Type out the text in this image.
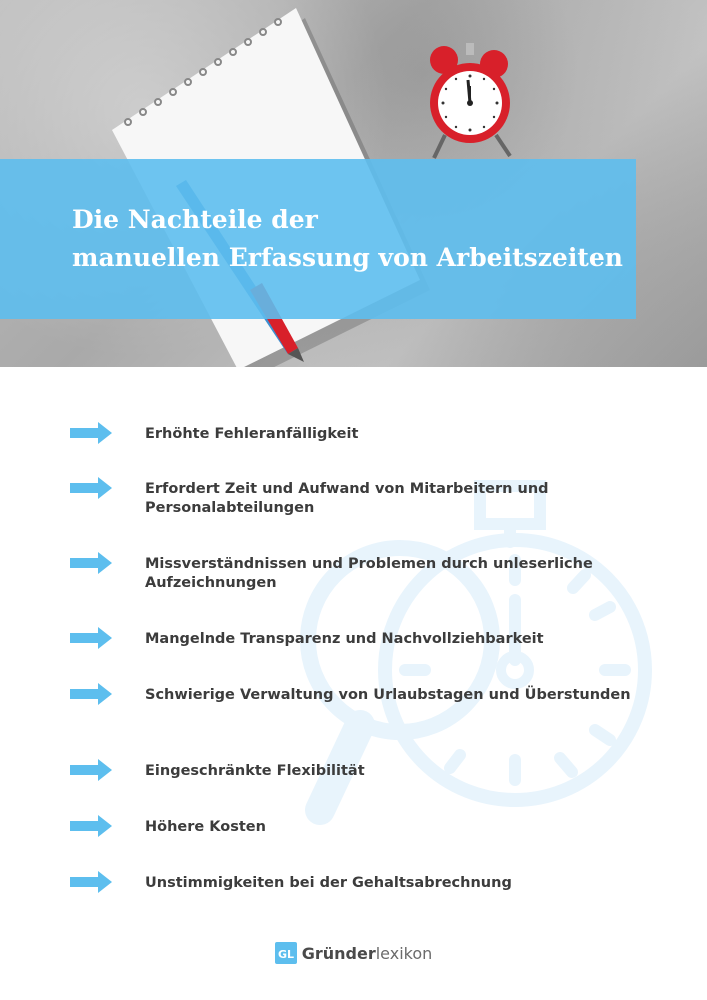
Die Nachteile der
manuellen Erfassung von Arbeitszeiten

Erhöhte Fehleranfälligkeit

Erfordert Zeit und Aufwand von Mitarbeitern und Personalabteilungen

Missverständnissen und Problemen durch unleserliche Aufzeichnungen

Mangelnde Transparenz und Nachvollziehbarkeit

Schwierige Verwaltung von Urlaubstagen und Überstunden

Eingeschränkte Flexibilität

Höhere Kosten

Unstimmigkeiten bei der Gehaltsabrechnung

GL Gründer lexikon
